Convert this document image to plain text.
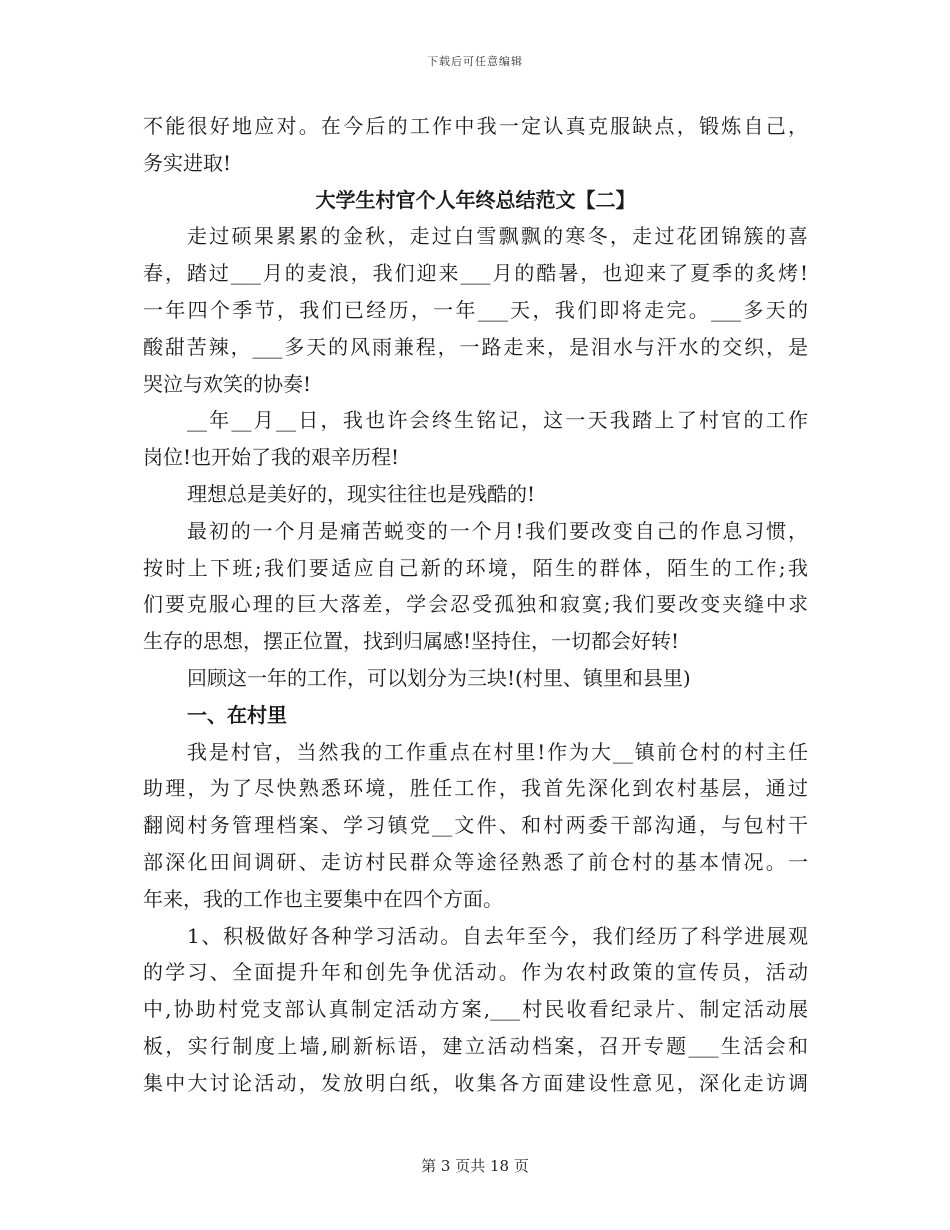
下载后可任意编辑
不能很好地应对。在今后的工作中我一定认真克服缺点，锻炼自己，
务实进取!
大学生村官个人年终总结范文【二】
走过硕果累累的金秋，走过白雪飘飘的寒冬，走过花团锦簇的喜
春，踏过___月的麦浪，我们迎来___月的酷暑，也迎来了夏季的炙烤!
一年四个季节，我们已经历，一年___天，我们即将走完。___多天的
酸甜苦辣，___多天的风雨兼程，一路走来，是泪水与汗水的交织，是
哭泣与欢笑的协奏!
__年__月__日，我也许会终生铭记，这一天我踏上了村官的工作
岗位!也开始了我的艰辛历程!
理想总是美好的，现实往往也是残酷的!
最初的一个月是痛苦蜕变的一个月!我们要改变自己的作息习惯，
按时上下班;我们要适应自己新的环境，陌生的群体，陌生的工作;我
们要克服心理的巨大落差，学会忍受孤独和寂寞;我们要改变夹缝中求
生存的思想，摆正位置，找到归属感!坚持住，一切都会好转!
回顾这一年的工作，可以划分为三块!(村里、镇里和县里)
一、在村里
我是村官，当然我的工作重点在村里!作为大__镇前仓村的村主任
助理，为了尽快熟悉环境，胜任工作，我首先深化到农村基层，通过
翻阅村务管理档案、学习镇党__文件、和村两委干部沟通，与包村干
部深化田间调研、走访村民群众等途径熟悉了前仓村的基本情况。一
年来，我的工作也主要集中在四个方面。
1、积极做好各种学习活动。自去年至今，我们经历了科学进展观
的学习、全面提升年和创先争优活动。作为农村政策的宣传员，活动
中,协助村党支部认真制定活动方案,___村民收看纪录片、制定活动展
板，实行制度上墙,刷新标语，建立活动档案，召开专题___生活会和
集中大讨论活动，发放明白纸，收集各方面建设性意见，深化走访调
第 3 页共 18 页
